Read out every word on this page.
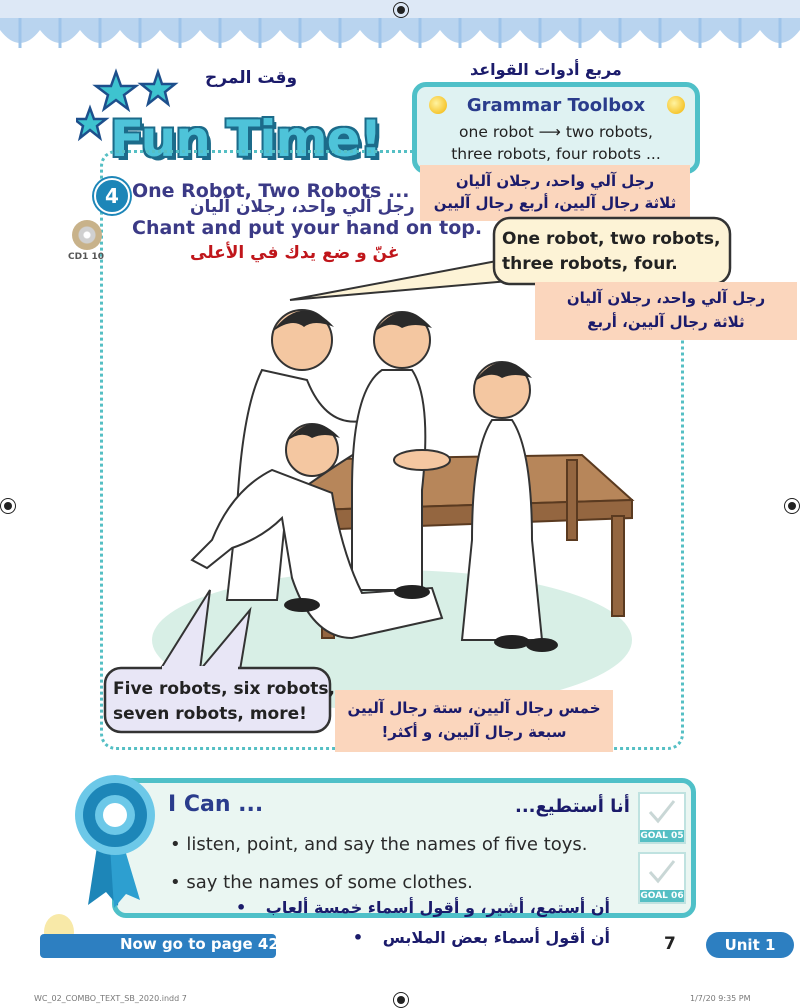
وقت المرح
Fun Time!
مربع أدوات القواعد
Grammar Toolbox
one robot ⟶ two robots,
three robots, four robots ...
رجل آلي واحد، رجلان آليان
ثلاثة رجال آليين، أربع رجال آليين
4 One Robot, Two Robots ...
رجل آلي واحد، رجلان آليان
Chant and put your hand on top.
غنّ و ضع يدك في الأعلى
CD1 10
One robot, two robots,
three robots, four.
رجل آلي واحد، رجلان آليان
ثلاثة رجال آليين، أربع
Five robots, six robots,
seven robots, more!	خمس رجال آليين، ستة رجال آليين
سبعة رجال آليين، و أكثر!
I Can ...	أنا أستطيع...
• listen, point, and say the names of five toys.
• say the names of some clothes.
أن أستمع، أشير، و أقول أسماء خمسة ألعاب •
أن أقول أسماء بعض الملابس •
GOAL 05
GOAL 06
Now go to page 42	7	Unit 1
WC_02_COMBO_TEXT_SB_2020.indd 7	1/7/20 9:35 PM
